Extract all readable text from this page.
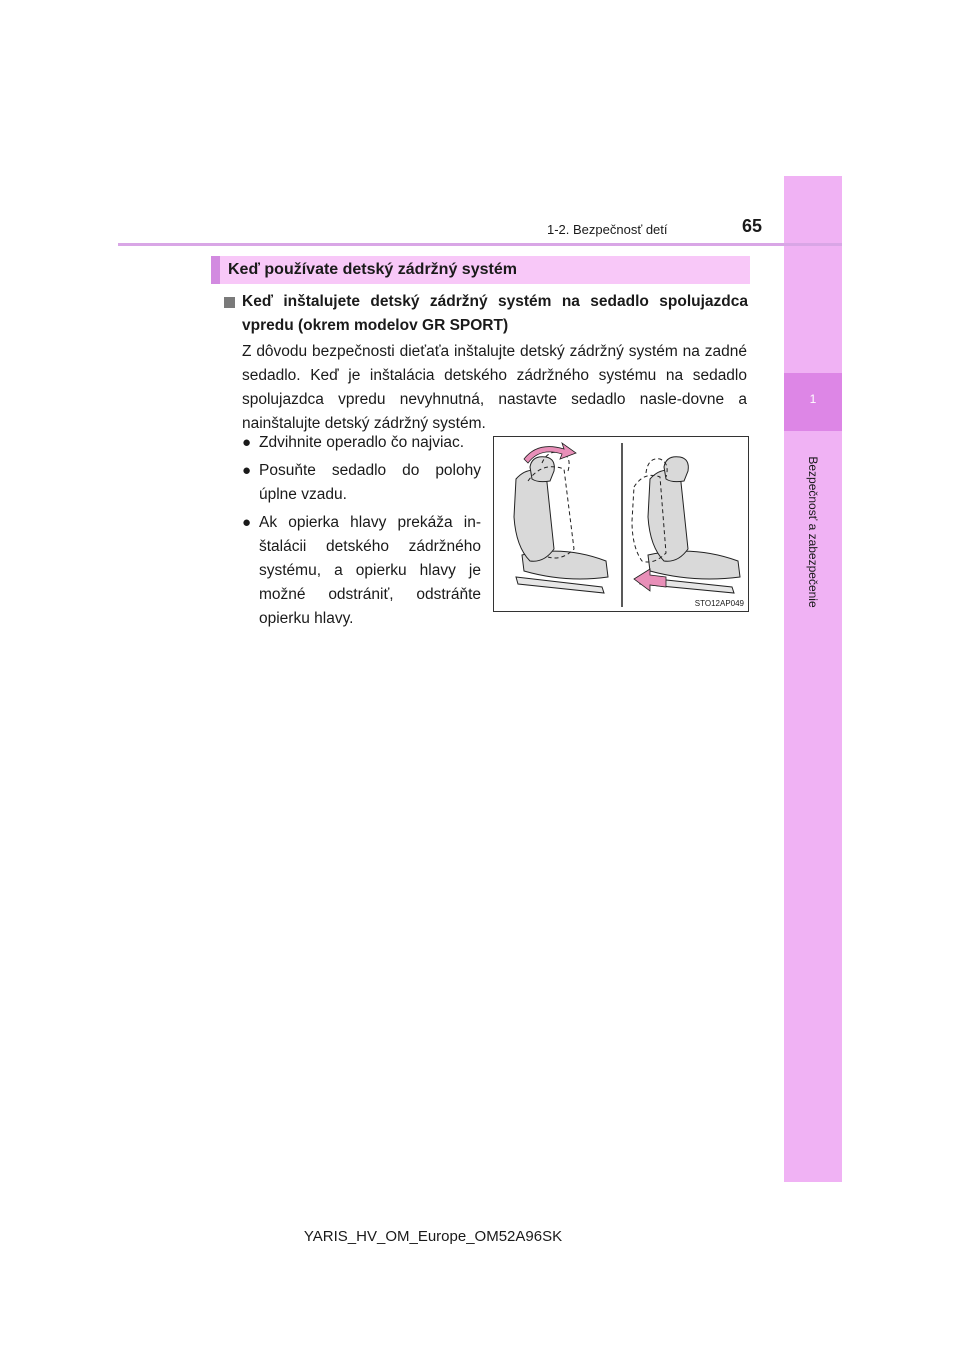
1
Bezpečnosť a zabezpečenie
1-2. Bezpečnosť detí	65
Keď používate detský zádržný systém
Keď inštalujete detský zádržný systém na sedadlo spolujazdca vpredu (okrem modelov GR SPORT)
Z dôvodu bezpečnosti dieťaťa inštalujte detský zádržný systém na zadné sedadlo. Keď je inštalácia detského zádržného systému na sedadlo spolujazdca vpredu nevyhnutná, nastavte sedadlo nasle-dovne a nainštalujte detský zádržný systém.
● Zdvihnite operadlo čo najviac.
● Posuňte sedadlo do polohy úplne vzadu.
● Ak opierka hlavy prekáža in-štalácii detského zádržného systému, a opierku hlavy je možné odstrániť, odstráňte opierku hlavy.
STO12AP049
YARIS_HV_OM_Europe_OM52A96SK
